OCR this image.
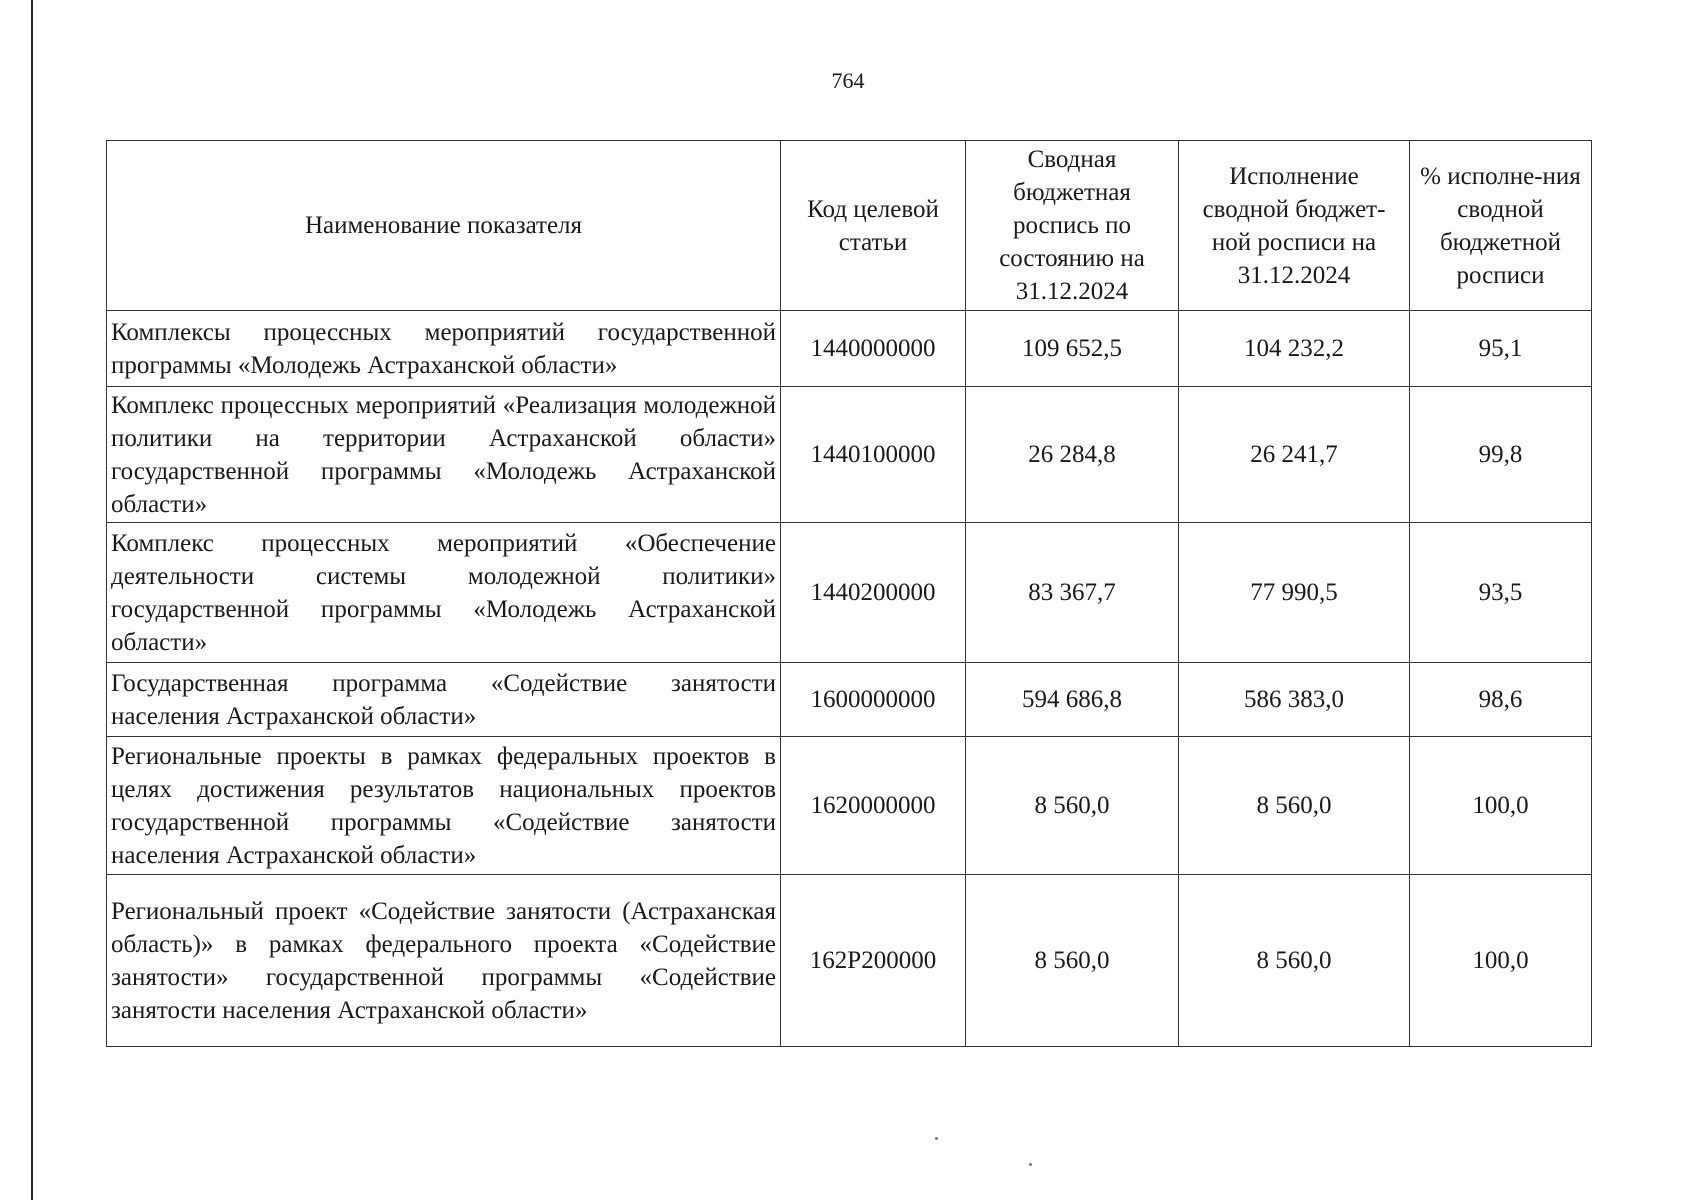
764
Наименование показателя	Код целевой статьи	Сводная бюджетная роспись по состоянию на 31.12.2024	Исполнение сводной бюджет-ной росписи на 31.12.2024	% исполне-ния сводной бюджетной росписи
Комплексы процессных мероприятий государственной программы «Молодежь Астраханской области»	1440000000	109 652,5	104 232,2	95,1
Комплекс процессных мероприятий «Реализация молодежной политики на территории Астраханской области» государственной программы «Молодежь Астраханской области»	1440100000	26 284,8	26 241,7	99,8
Комплекс процессных мероприятий «Обеспечение деятельности системы молодежной политики» государственной программы «Молодежь Астраханской области»	1440200000	83 367,7	77 990,5	93,5
Государственная программа «Содействие занятости населения Астраханской области»	1600000000	594 686,8	586 383,0	98,6
Региональные проекты в рамках федеральных проектов в целях достижения результатов национальных проектов государственной программы «Содействие занятости населения Астраханской области»	1620000000	8 560,0	8 560,0	100,0
Региональный проект «Содействие занятости (Астраханская область)» в рамках федерального проекта «Содействие занятости» государственной программы «Содействие занятости населения Астраханской области»	162Р200000	8 560,0	8 560,0	100,0
